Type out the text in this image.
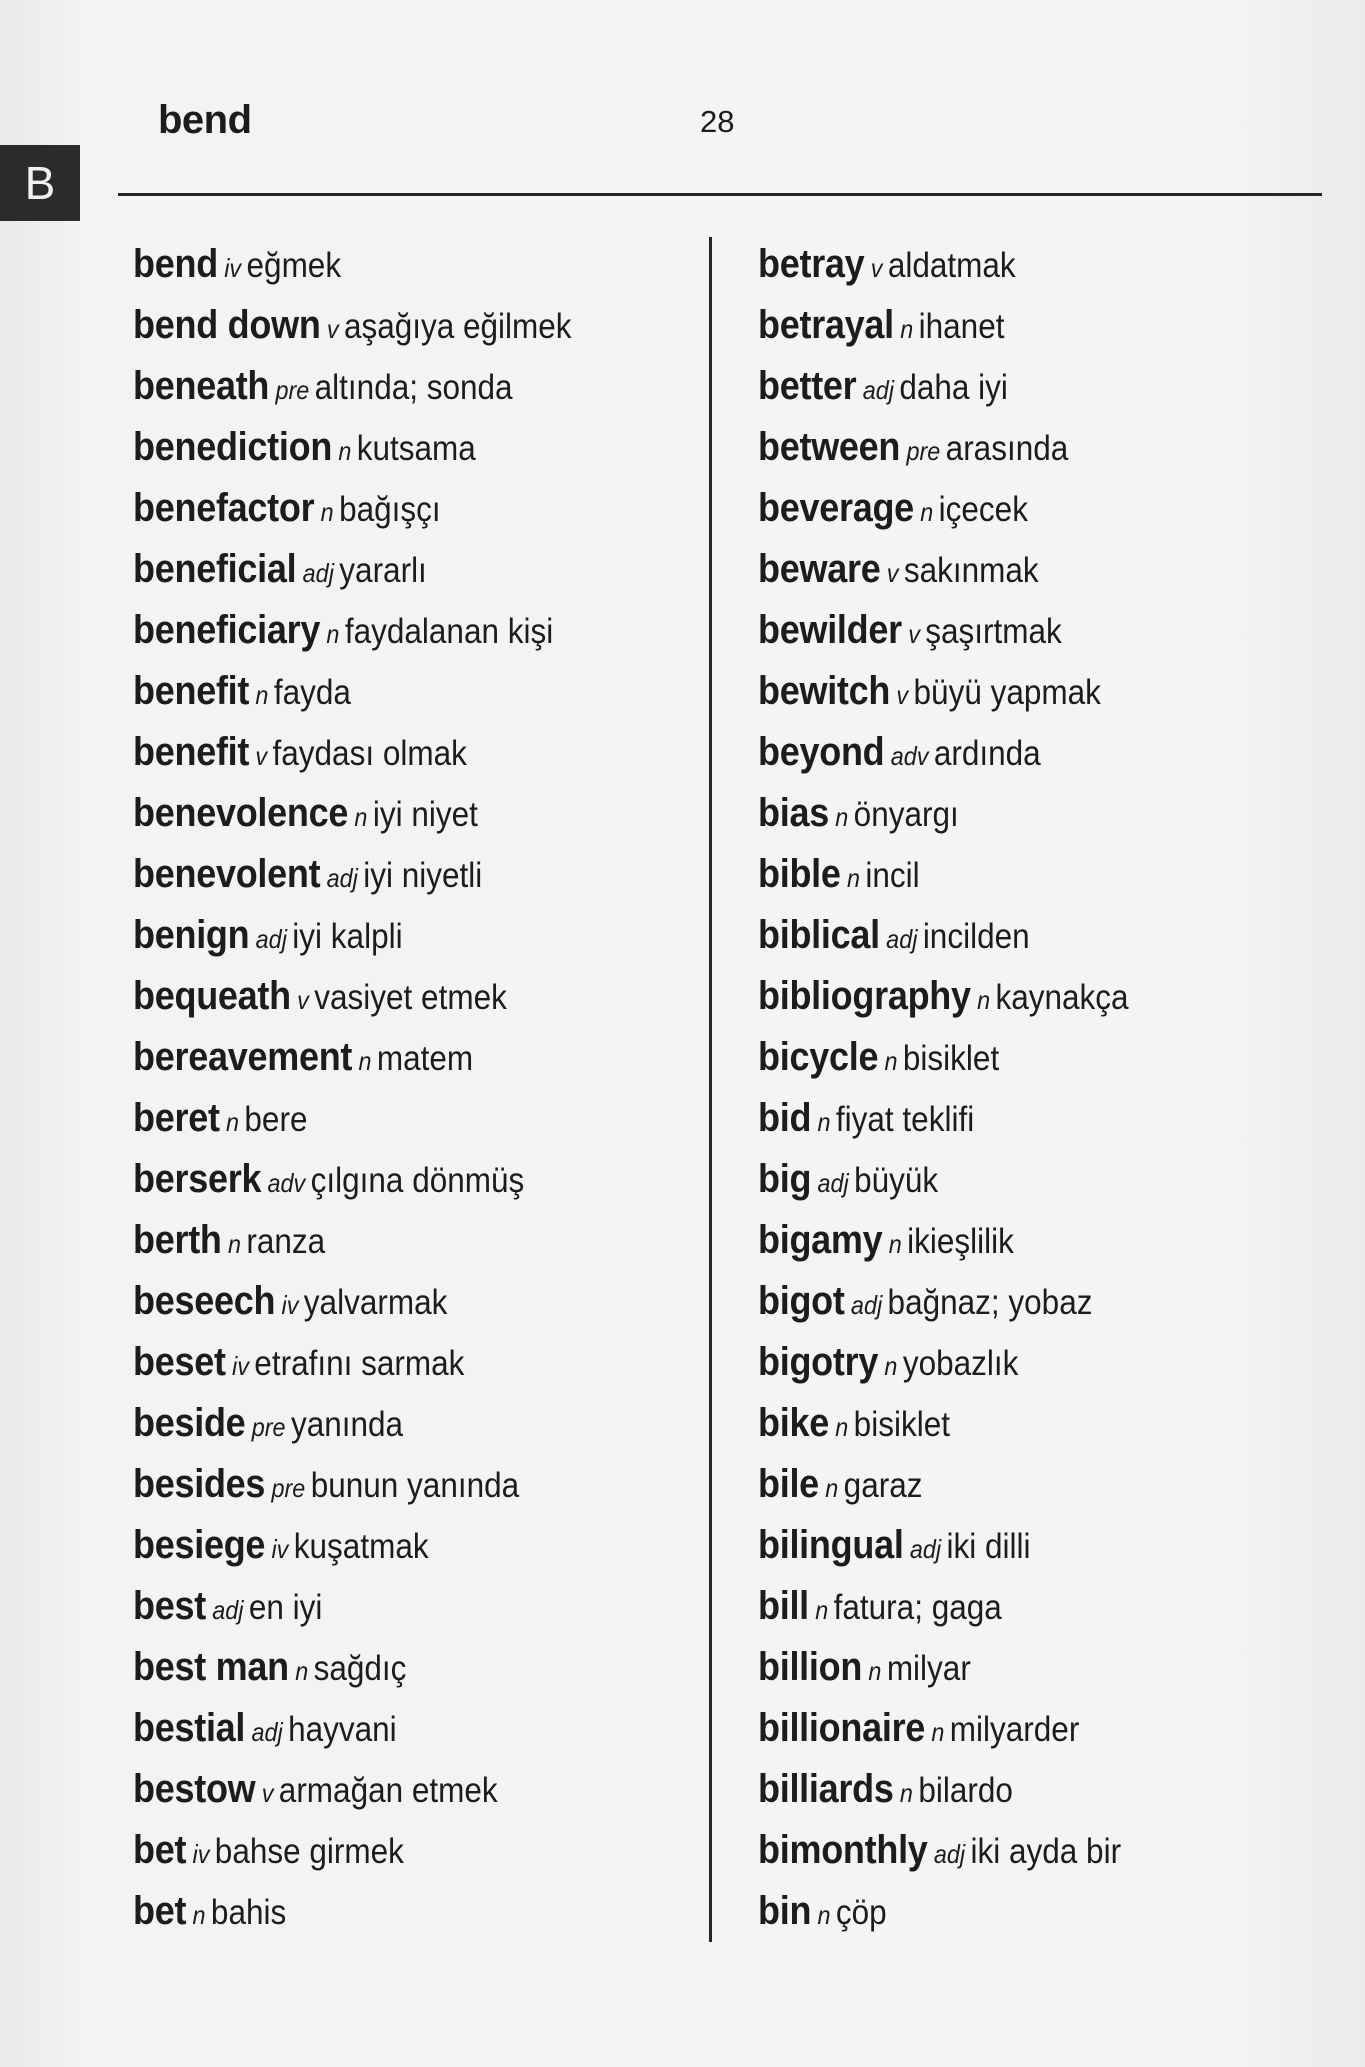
B
bend	28
bend iv eğmek
bend down v aşağıya eğilmek
beneath pre altında; sonda
benediction n kutsama
benefactor n bağışçı
beneficial adj yararlı
beneficiary n faydalanan kişi
benefit n fayda
benefit v faydası olmak
benevolence n iyi niyet
benevolent adj iyi niyetli
benign adj iyi kalpli
bequeath v vasiyet etmek
bereavement n matem
beret n bere
berserk adv çılgına dönmüş
berth n ranza
beseech iv yalvarmak
beset iv etrafını sarmak
beside pre yanında
besides pre bunun yanında
besiege iv kuşatmak
best adj en iyi
best man n sağdıç
bestial adj hayvani
bestow v armağan etmek
bet iv bahse girmek
bet n bahis
betray v aldatmak
betrayal n ihanet
better adj daha iyi
between pre arasında
beverage n içecek
beware v sakınmak
bewilder v şaşırtmak
bewitch v büyü yapmak
beyond adv ardında
bias n önyargı
bible n incil
biblical adj incilden
bibliography n kaynakça
bicycle n bisiklet
bid n fiyat teklifi
big adj büyük
bigamy n ikieşlilik
bigot adj bağnaz; yobaz
bigotry n yobazlık
bike n bisiklet
bile n garaz
bilingual adj iki dilli
bill n fatura; gaga
billion n milyar
billionaire n milyarder
billiards n bilardo
bimonthly adj iki ayda bir
bin n çöp
